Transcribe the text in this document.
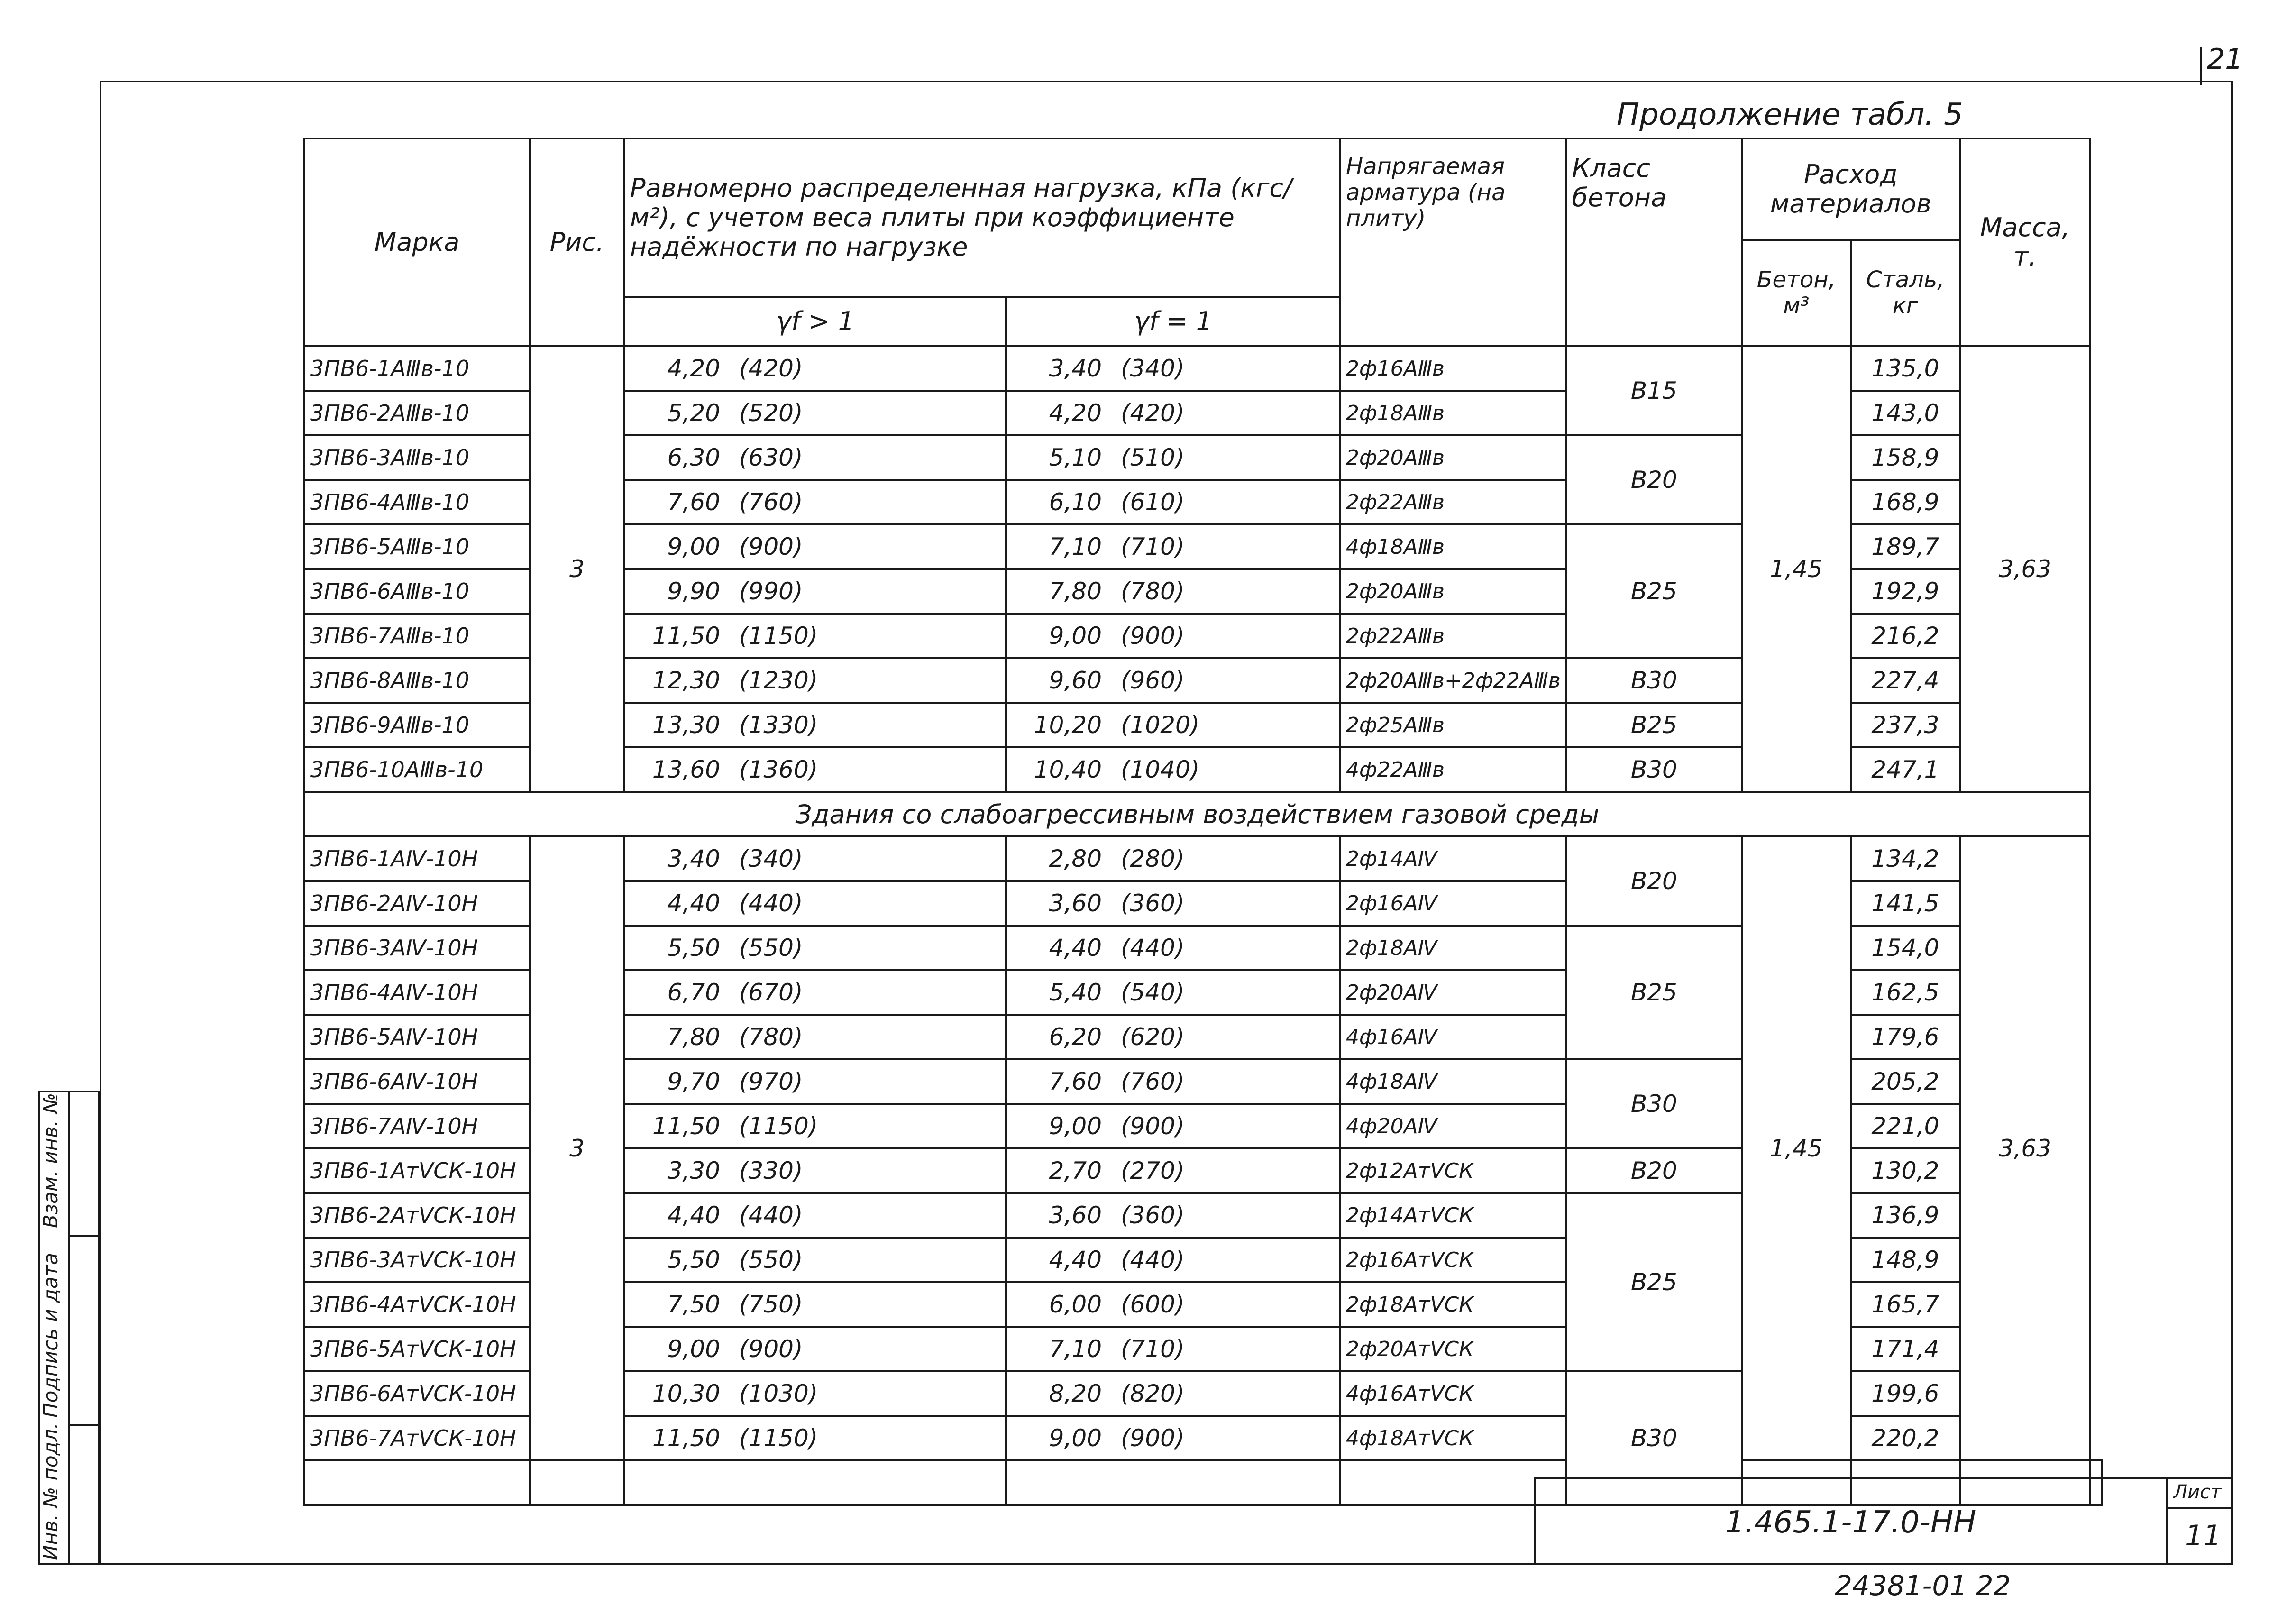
21
Продолжение табл. 5
Взам. инв. №
Подпись и дата
Инв. № подл.
Марка	Рис.	Равномерно распределенная нагрузка, кПа (кгс/м²), с учетом веса плиты при коэффициенте надёжности по нагрузке		Напрягаемая арматура (на плиту)	Класс бетона	Расход материалов		Масса, т.	
						Бетон, м³	Сталь, кг		
		γf > 1	γf = 1						
3ПВ6-1АⅢв-10	3	4,20 (420)	3,40 (340)	2ф16АⅢв	В15	1,45	135,0	3,63	
3ПВ6-2АⅢв-10		5,20 (520)	4,20 (420)	2ф18АⅢв			143,0		
3ПВ6-3АⅢв-10		6,30 (630)	5,10 (510)	2ф20АⅢв	В20		158,9		
3ПВ6-4АⅢв-10		7,60 (760)	6,10 (610)	2ф22АⅢв			168,9		
3ПВ6-5АⅢв-10		9,00 (900)	7,10 (710)	4ф18АⅢв	В25		189,7		
3ПВ6-6АⅢв-10		9,90 (990)	7,80 (780)	2ф20АⅢв			192,9		
3ПВ6-7АⅢв-10		11,50 (1150)	9,00 (900)	2ф22АⅢв			216,2		
3ПВ6-8АⅢв-10		12,30 (1230)	9,60 (960)	2ф20АⅢв+2ф22АⅢв	В30		227,4		
3ПВ6-9АⅢв-10		13,30 (1330)	10,20 (1020)	2ф25АⅢв	В25		237,3		
3ПВ6-10АⅢв-10		13,60 (1360)	10,40 (1040)	4ф22АⅢв	В30		247,1		
Здания со слабоагрессивным воздействием газовой среды									
3ПВ6-1АⅣ-10Н	3	3,40 (340)	2,80 (280)	2ф14АⅣ	В20	1,45	134,2	3,63	
3ПВ6-2АⅣ-10Н		4,40 (440)	3,60 (360)	2ф16АⅣ			141,5		
3ПВ6-3АⅣ-10Н		5,50 (550)	4,40 (440)	2ф18АⅣ	В25		154,0		
3ПВ6-4АⅣ-10Н		6,70 (670)	5,40 (540)	2ф20АⅣ			162,5		
3ПВ6-5АⅣ-10Н		7,80 (780)	6,20 (620)	4ф16АⅣ			179,6		
3ПВ6-6АⅣ-10Н		9,70 (970)	7,60 (760)	4ф18АⅣ	В30		205,2		
3ПВ6-7АⅣ-10Н		11,50 (1150)	9,00 (900)	4ф20АⅣ			221,0		
3ПВ6-1АтⅤСК-10Н		3,30 (330)	2,70 (270)	2ф12АтⅤСК	В20		130,2		
3ПВ6-2АтⅤСК-10Н		4,40 (440)	3,60 (360)	2ф14АтⅤСК	В25		136,9		
3ПВ6-3АтⅤСК-10Н		5,50 (550)	4,40 (440)	2ф16АтⅤСК			148,9		
3ПВ6-4АтⅤСК-10Н		7,50 (750)	6,00 (600)	2ф18АтⅤСК			165,7		
3ПВ6-5АтⅤСК-10Н		9,00 (900)	7,10 (710)	2ф20АтⅤСК			171,4		
3ПВ6-6АтⅤСК-10Н		10,30 (1030)	8,20 (820)	4ф16АтⅤСК	В30		199,6		
3ПВ6-7АтⅤСК-10Н		11,50 (1150)	9,00 (900)	4ф18АтⅤСК			220,2		

1.465.1-17.0-НН
Лист
11
24381-01 22
